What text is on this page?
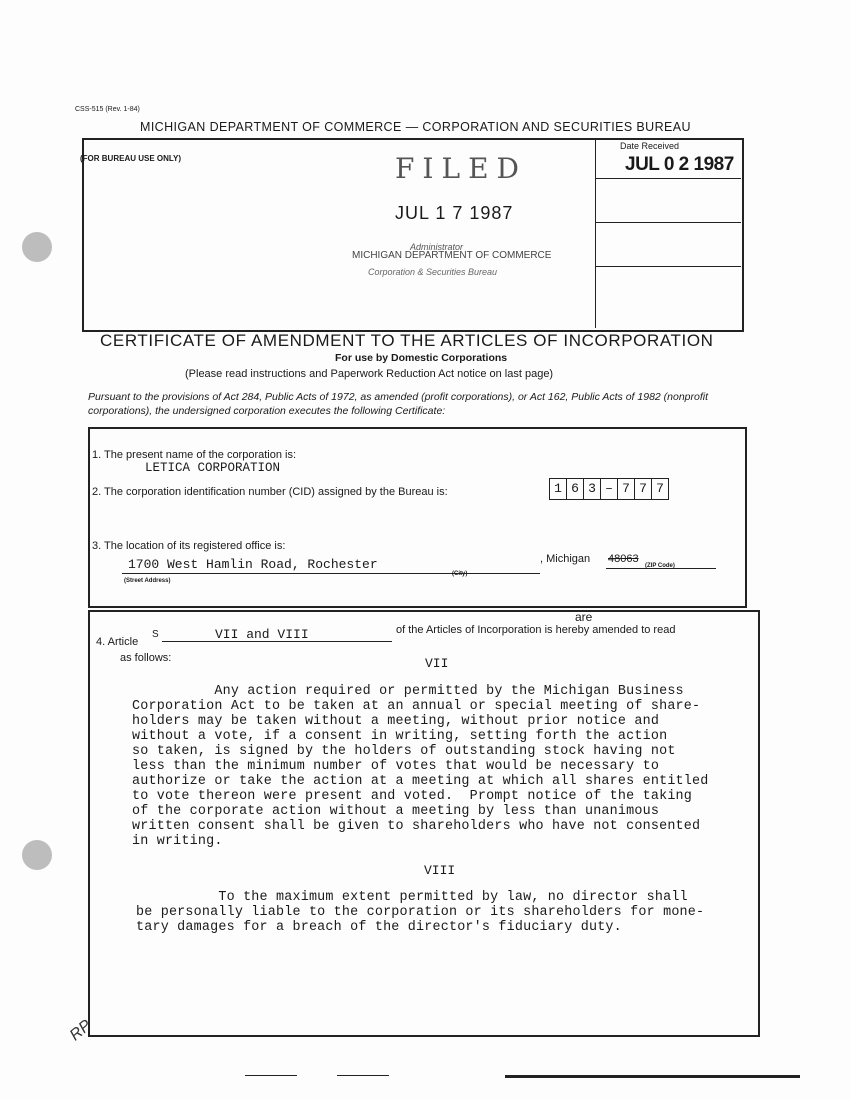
CSS-515 (Rev. 1-84)
MICHIGAN DEPARTMENT OF COMMERCE — CORPORATION AND SECURITIES BUREAU
(FOR BUREAU USE ONLY)
Date Received
JUL 0 2 1987
FILED
JUL 1 7 1987
Administrator
MICHIGAN DEPARTMENT OF COMMERCE
Corporation & Securities Bureau
CERTIFICATE OF AMENDMENT TO THE ARTICLES OF INCORPORATION
For use by Domestic Corporations
(Please read instructions and Paperwork Reduction Act notice on last page)
Pursuant to the provisions of Act 284, Public Acts of 1972, as amended (profit corporations), or Act 162, Public Acts of 1982 (nonprofit corporations), the undersigned corporation executes the following Certificate:
1. The present name of the corporation is:
LETICA CORPORATION
2. The corporation identification number (CID) assigned by the Bureau is:	1 6 3 – 7 7 7
3. The location of its registered office is:
1700 West Hamlin Road, Rochester
(Street Address)
(City)
, Michigan 48063
(ZIP Code)
4. Article
S	VII and VIII
are
of the Articles of Incorporation is hereby amended to read
as follows:	VII
Any action required or permitted by the Michigan Business
Corporation Act to be taken at an annual or special meeting of share-
holders may be taken without a meeting, without prior notice and
without a vote, if a consent in writing, setting forth the action
so taken, is signed by the holders of outstanding stock having not
less than the minimum number of votes that would be necessary to
authorize or take the action at a meeting at which all shares entitled
to vote thereon were present and voted.  Prompt notice of the taking
of the corporate action without a meeting by less than unanimous
written consent shall be given to shareholders who have not consented
in writing.
VIII
To the maximum extent permitted by law, no director shall
be personally liable to the corporation or its shareholders for mone-
tary damages for a breach of the director's fiduciary duty.
RP
